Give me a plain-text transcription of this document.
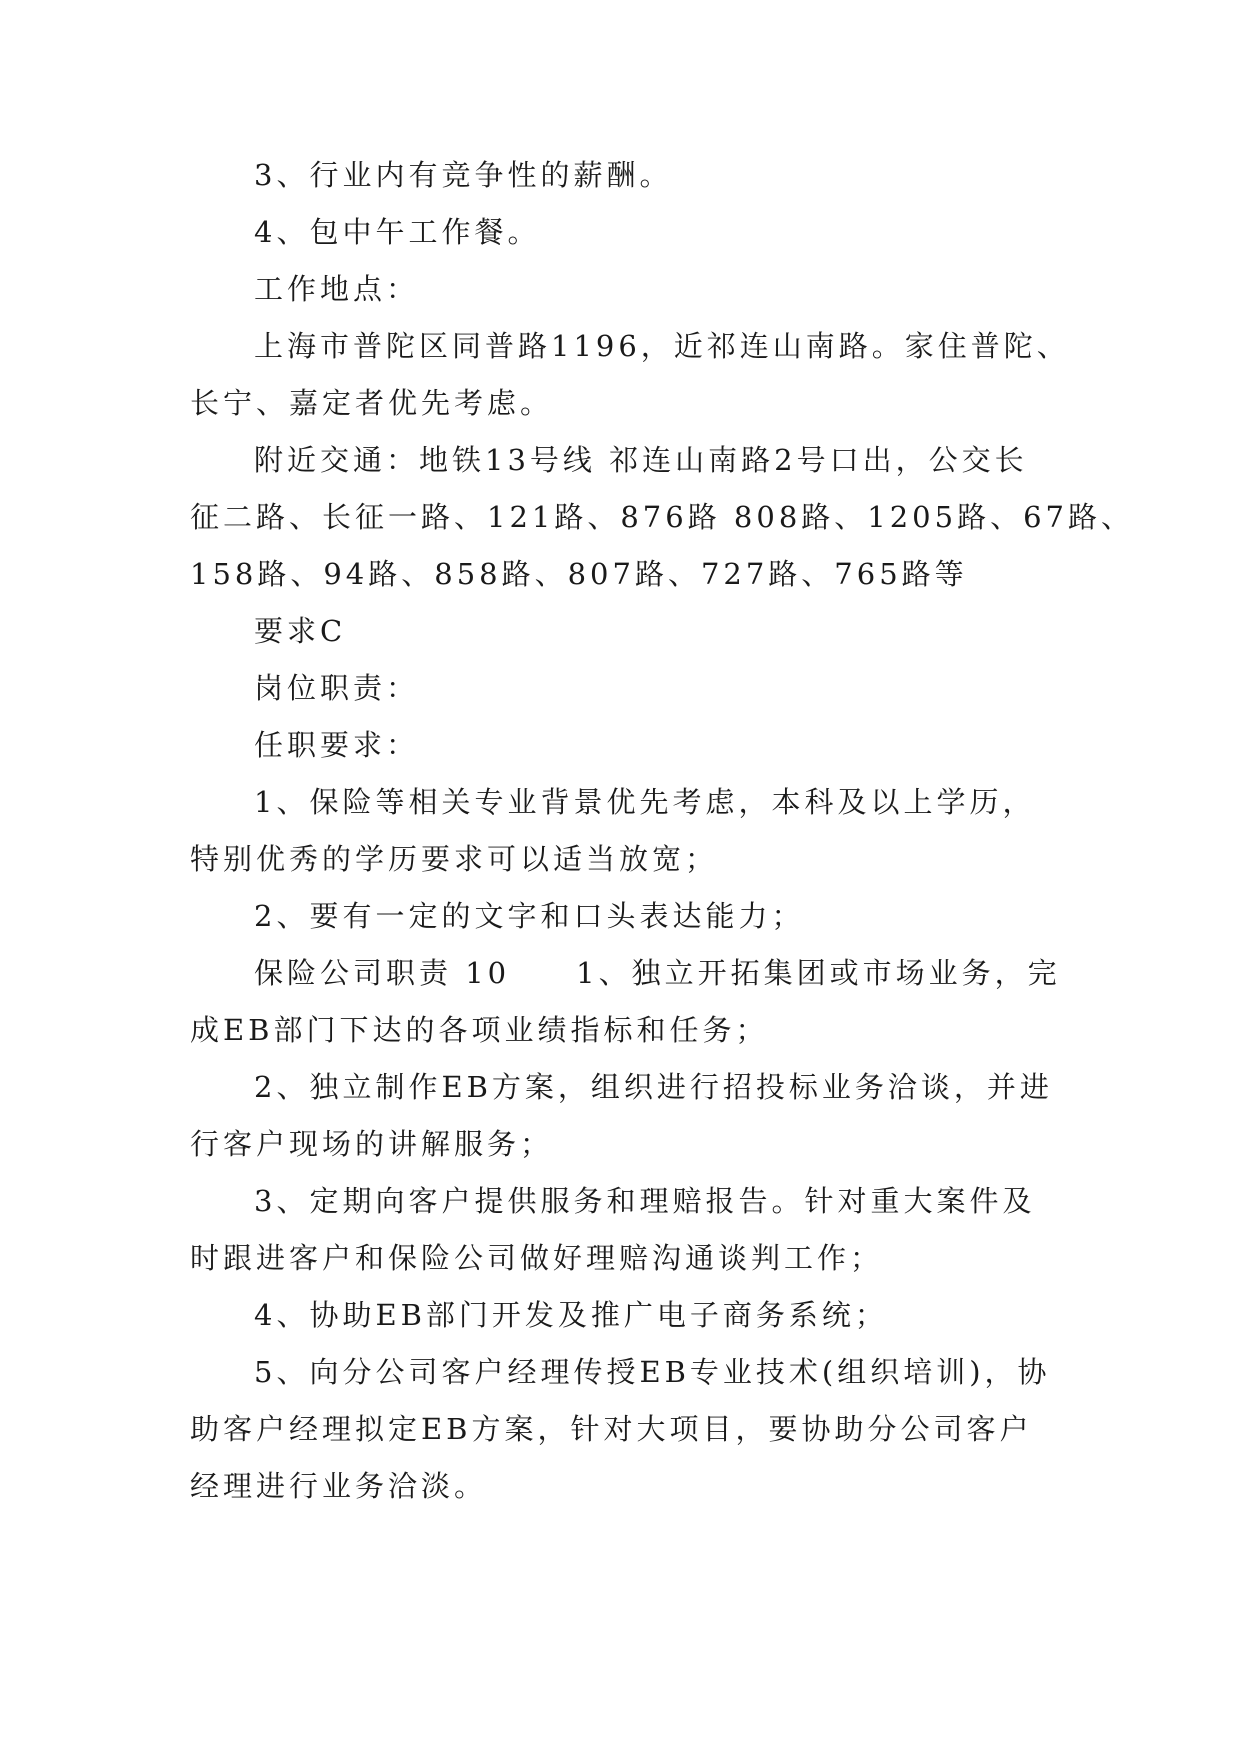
3、行业内有竞争性的薪酬。
4、包中午工作餐。
工作地点：
上海市普陀区同普路1196，近祁连山南路。家住普陀、
长宁、嘉定者优先考虑。
附近交通：地铁13号线 祁连山南路2号口出，公交长
征二路、长征一路、121路、876路 808路、1205路、67路、
158路、94路、858路、807路、727路、765路等
要求C
岗位职责：
任职要求：
1、保险等相关专业背景优先考虑，本科及以上学历，
特别优秀的学历要求可以适当放宽；
2、要有一定的文字和口头表达能力；
保险公司职责 10　　1、独立开拓集团或市场业务，完
成EB部门下达的各项业绩指标和任务；
2、独立制作EB方案，组织进行招投标业务洽谈，并进
行客户现场的讲解服务；
3、定期向客户提供服务和理赔报告。针对重大案件及
时跟进客户和保险公司做好理赔沟通谈判工作；
4、协助EB部门开发及推广电子商务系统；
5、向分公司客户经理传授EB专业技术(组织培训)，协
助客户经理拟定EB方案，针对大项目，要协助分公司客户
经理进行业务洽淡。
